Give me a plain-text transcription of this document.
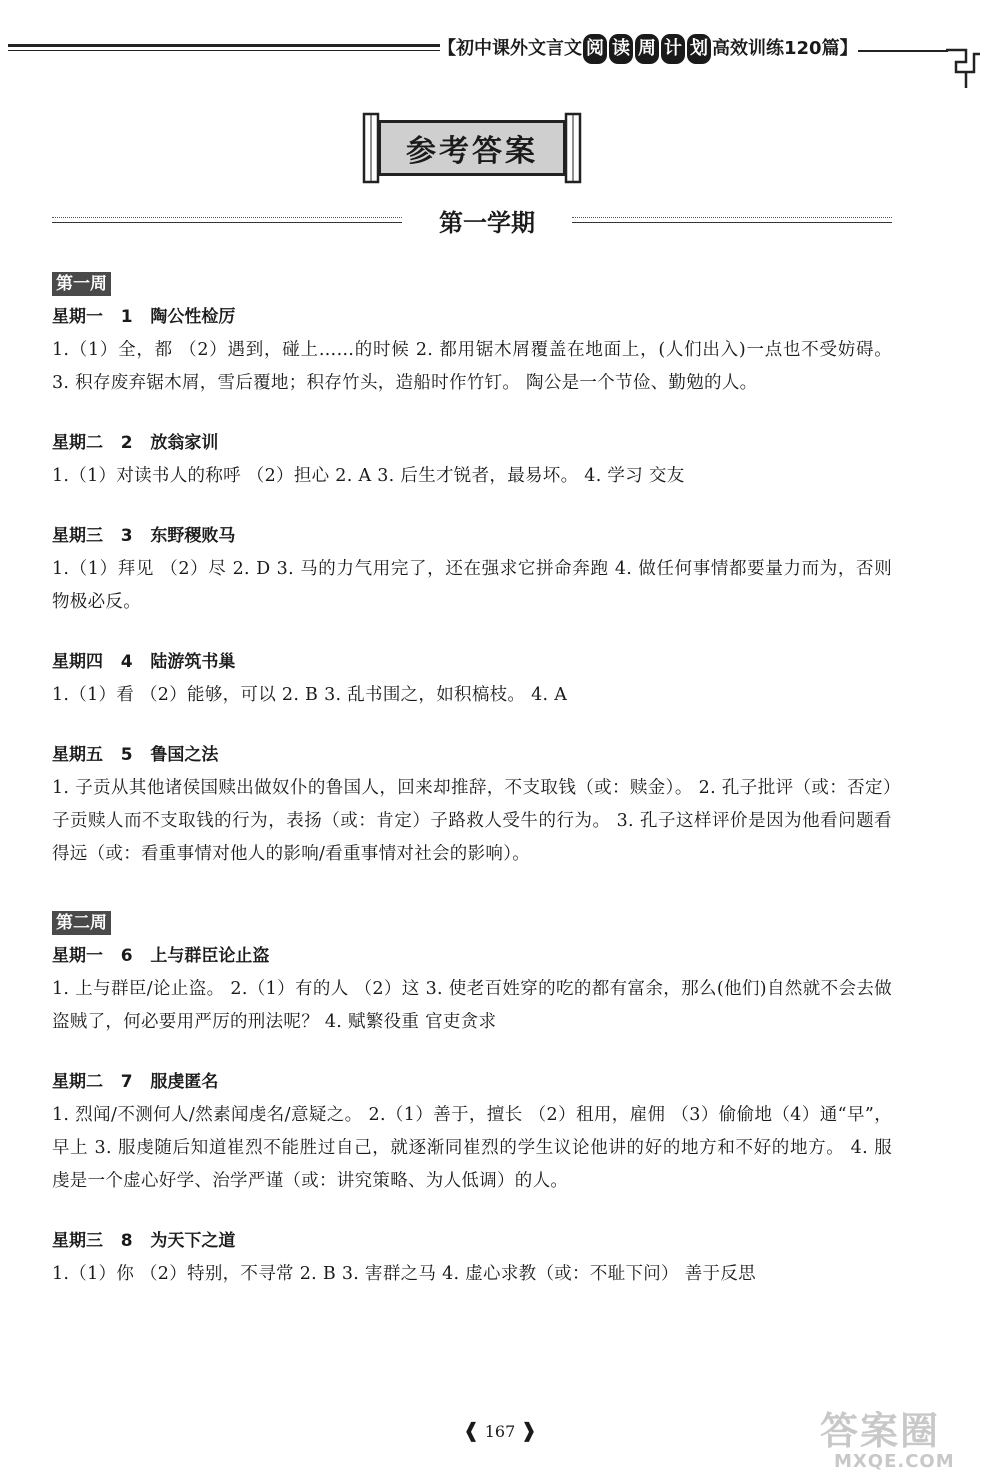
【初中课外文言文 阅 读 周 计 划 高效训练120篇】
参考答案
第一学期
第一周
星期一   1   陶公性检厉
1.（1）全，都 （2）遇到，碰上……的时候 2. 都用锯木屑覆盖在地面上，(人们出入)一点也不受妨碍。 3. 积存废弃锯木屑，雪后覆地；积存竹头，造船时作竹钉。 陶公是一个节俭、勤勉的人。
星期二   2   放翁家训
1.（1）对读书人的称呼 （2）担心 2. A 3. 后生才锐者，最易坏。 4. 学习 交友
星期三   3   东野稷败马
1.（1）拜见 （2）尽 2. D 3. 马的力气用完了，还在强求它拼命奔跑 4. 做任何事情都要量力而为，否则物极必反。
星期四   4   陆游筑书巢
1.（1）看 （2）能够，可以 2. B 3. 乱书围之，如积槁枝。 4. A
星期五   5   鲁国之法
1. 子贡从其他诸侯国赎出做奴仆的鲁国人，回来却推辞，不支取钱（或：赎金）。 2. 孔子批评（或：否定）子贡赎人而不支取钱的行为，表扬（或：肯定）子路救人受牛的行为。 3. 孔子这样评价是因为他看问题看得远（或：看重事情对他人的影响/看重事情对社会的影响）。
第二周
星期一   6   上与群臣论止盗
1. 上与群臣/论止盗。 2.（1）有的人 （2）这 3. 使老百姓穿的吃的都有富余，那么(他们)自然就不会去做盗贼了，何必要用严厉的刑法呢？ 4. 赋繁役重 官吏贪求
星期二   7   服虔匿名
1. 烈闻/不测何人/然素闻虔名/意疑之。 2.（1）善于，擅长 （2）租用，雇佣 （3）偷偷地（4）通“早”，早上 3. 服虔随后知道崔烈不能胜过自己，就逐渐同崔烈的学生议论他讲的好的地方和不好的地方。 4. 服虔是一个虚心好学、治学严谨（或：讲究策略、为人低调）的人。
星期三   8   为天下之道
1.（1）你 （2）特别，不寻常 2. B 3. 害群之马 4. 虚心求教（或：不耻下问） 善于反思
❰ 167 ❱	答案圈
MXQE.COM
